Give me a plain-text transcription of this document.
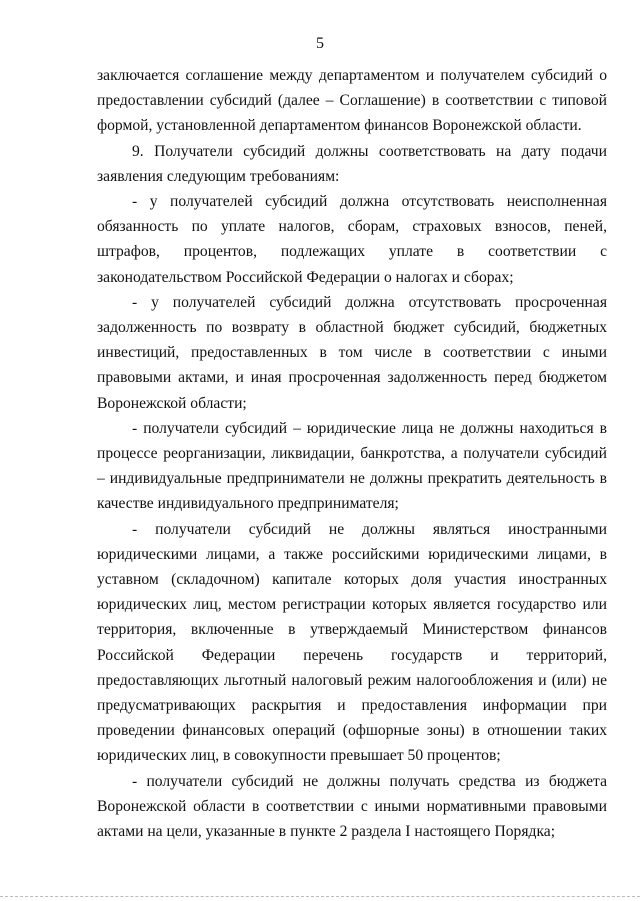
5

заключается соглашение между департаментом и получателем субсидий о предоставлении субсидий (далее – Соглашение) в соответствии с типовой формой, установленной департаментом финансов Воронежской области.

9. Получатели субсидий должны соответствовать на дату подачи заявления следующим требованиям:

- у получателей субсидий должна отсутствовать неисполненная обязанность по уплате налогов, сборам, страховых взносов, пеней, штрафов, процентов, подлежащих уплате в соответствии с законодательством Российской Федерации о налогах и сборах;

- у получателей субсидий должна отсутствовать просроченная задолженность по возврату в областной бюджет субсидий, бюджетных инвестиций, предоставленных в том числе в соответствии с иными правовыми актами, и иная просроченная задолженность перед бюджетом Воронежской области;

- получатели субсидий – юридические лица не должны находиться в процессе реорганизации, ликвидации, банкротства, а получатели субсидий – индивидуальные предприниматели не должны прекратить деятельность в качестве индивидуального предпринимателя;

- получатели субсидий не должны являться иностранными юридическими лицами, а также российскими юридическими лицами, в уставном (складочном) капитале которых доля участия иностранных юридических лиц, местом регистрации которых является государство или территория, включенные в утверждаемый Министерством финансов Российской Федерации перечень государств и территорий, предоставляющих льготный налоговый режим налогообложения и (или) не предусматривающих раскрытия и предоставления информации при проведении финансовых операций (офшорные зоны) в отношении таких юридических лиц, в совокупности превышает 50 процентов;

- получатели субсидий не должны получать средства из бюджета Воронежской области в соответствии с иными нормативными правовыми актами на цели, указанные в пункте 2 раздела I настоящего Порядка;
